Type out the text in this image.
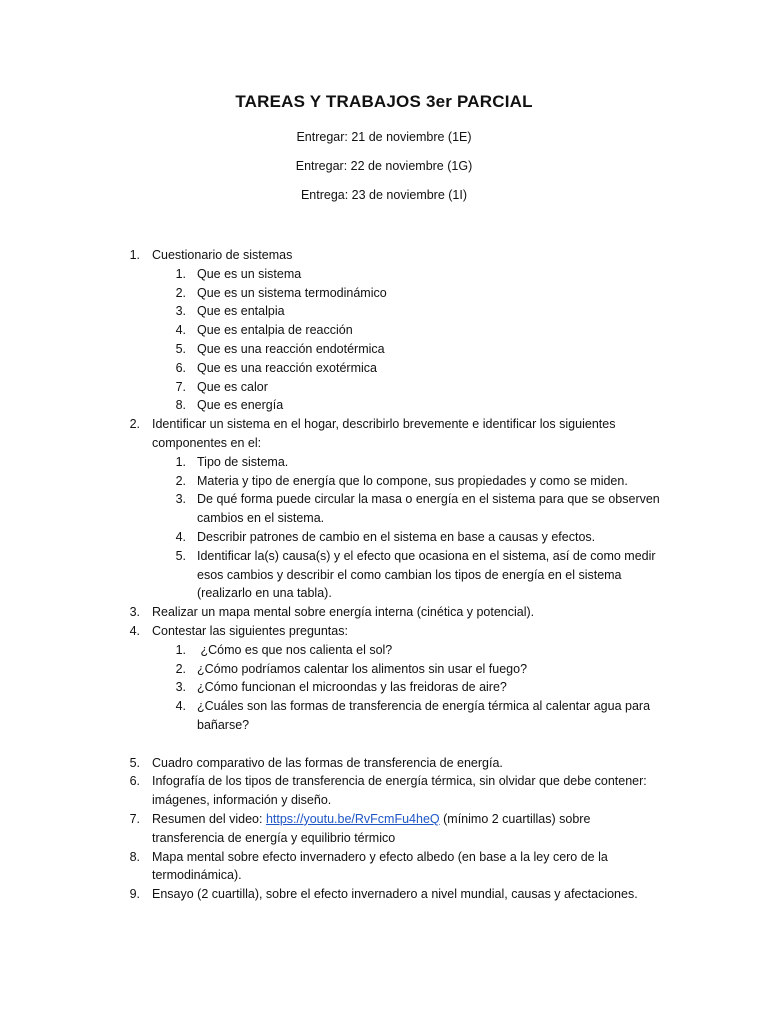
TAREAS Y TRABAJOS 3er PARCIAL
Entregar: 21 de noviembre (1E)
Entregar: 22 de noviembre (1G)
Entrega: 23 de noviembre (1I)
1. Cuestionario de sistemas
1. Que es un sistema
2. Que es un sistema termodinámico
3. Que es entalpia
4. Que es entalpia de reacción
5. Que es una reacción endotérmica
6. Que es una reacción exotérmica
7. Que es calor
8. Que es energía
2. Identificar un sistema en el hogar, describirlo brevemente e identificar los siguientes
componentes en el:
1. Tipo de sistema.
2. Materia y tipo de energía que lo compone, sus propiedades y como se miden.
3. De qué forma puede circular la masa o energía en el sistema para que se observen
cambios en el sistema.
4. Describir patrones de cambio en el sistema en base a causas y efectos.
5. Identificar la(s) causa(s) y el efecto que ocasiona en el sistema, así de como medir
esos cambios y describir el como cambian los tipos de energía en el sistema
(realizarlo en una tabla).
3. Realizar un mapa mental sobre energía interna (cinética y potencial).
4. Contestar las siguientes preguntas:
1. ¿Cómo es que nos calienta el sol?
2. ¿Cómo podríamos calentar los alimentos sin usar el fuego?
3. ¿Cómo funcionan el microondas y las freidoras de aire?
4. ¿Cuáles son las formas de transferencia de energía térmica al calentar agua para
bañarse?
5. Cuadro comparativo de las formas de transferencia de energía.
6. Infografía de los tipos de transferencia de energía térmica, sin olvidar que debe contener:
imágenes, información y diseño.
7. Resumen del video: https://youtu.be/RvFcmFu4heQ (mínimo 2 cuartillas) sobre
transferencia de energía y equilibrio térmico
8. Mapa mental sobre efecto invernadero y efecto albedo (en base a la ley cero de la
termodinámica).
9. Ensayo (2 cuartilla), sobre el efecto invernadero a nivel mundial, causas y afectaciones.
